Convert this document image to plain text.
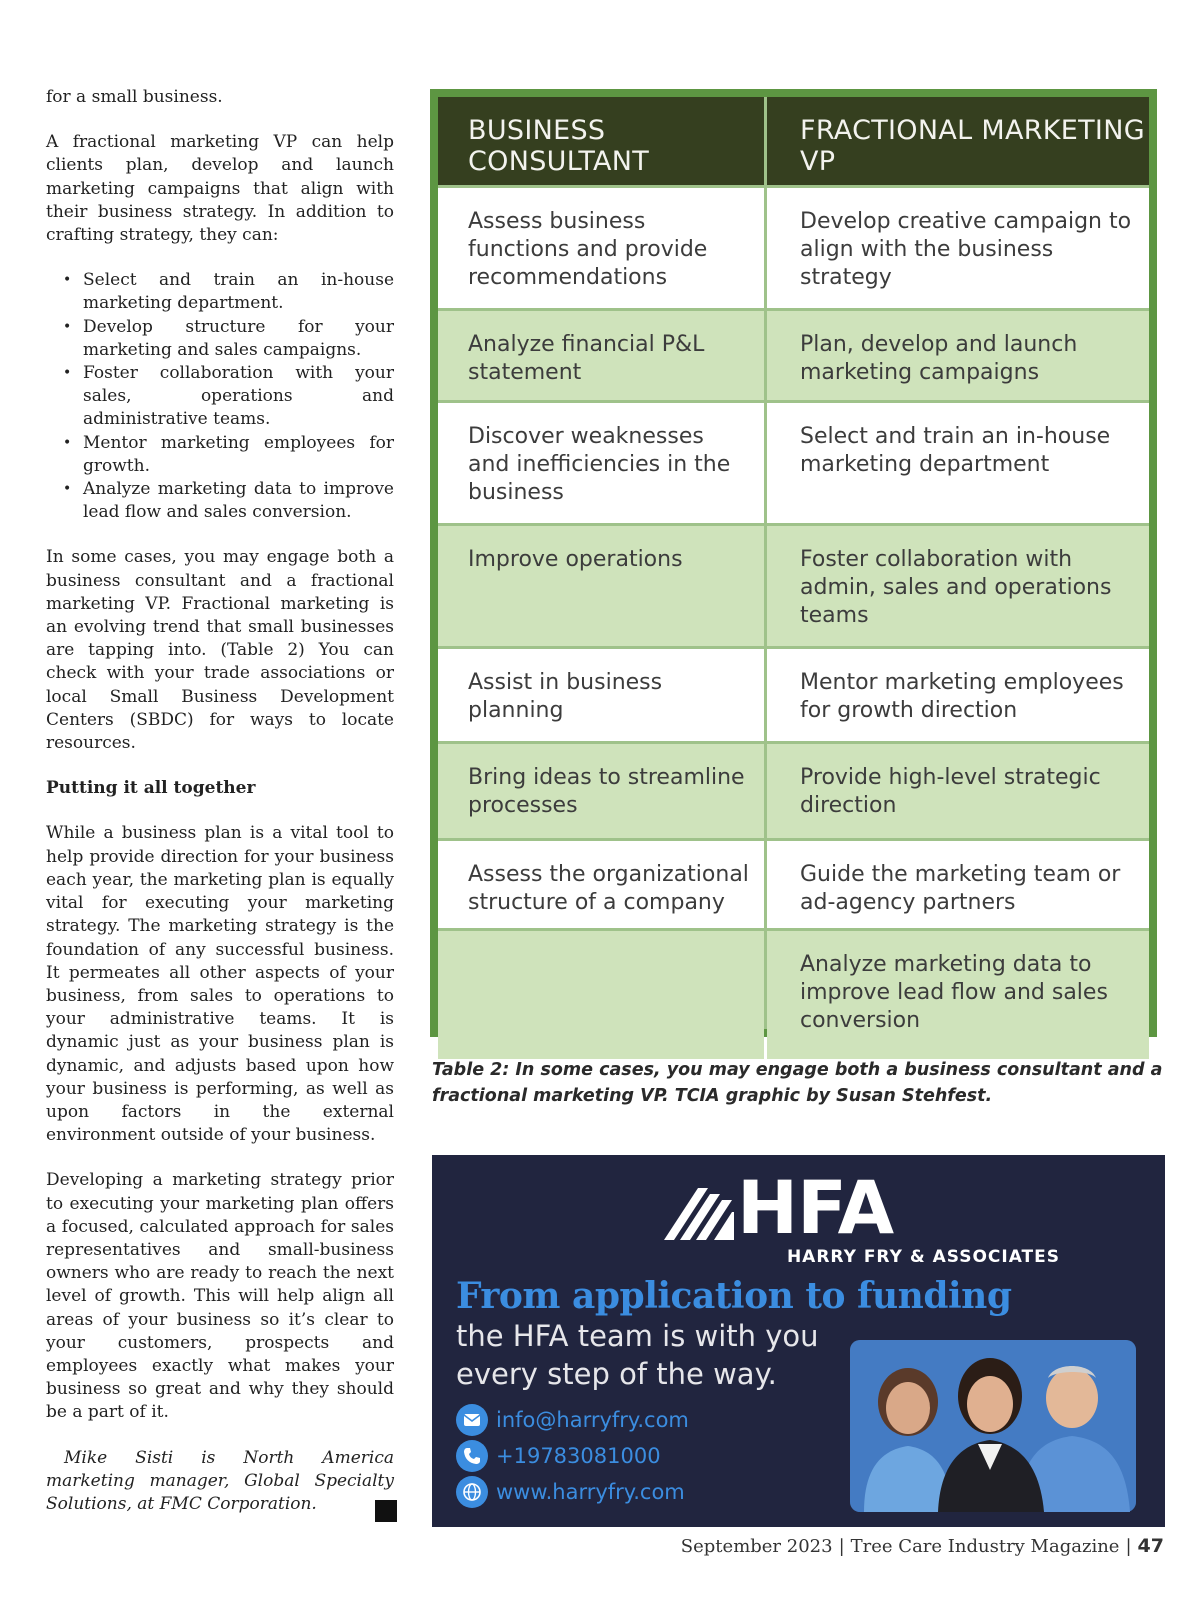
for a small business.

A fractional marketing VP can help clients plan, develop and launch marketing campaigns that align with their business strategy. In addition to crafting strategy, they can:

• Select and train an in-house marketing department.
• Develop structure for your marketing and sales campaigns.
• Foster collaboration with your sales, operations and administrative teams.
• Mentor marketing employees for growth.
• Analyze marketing data to improve lead flow and sales conversion.

In some cases, you may engage both a business consultant and a fractional marketing VP. Fractional marketing is an evolving trend that small businesses are tapping into. (Table 2) You can check with your trade associations or local Small Business Development Centers (SBDC) for ways to locate resources.

Putting it all together

While a business plan is a vital tool to help provide direction for your business each year, the marketing plan is equally vital for executing your marketing strategy. The marketing strategy is the foundation of any successful business. It permeates all other aspects of your business, from sales to operations to your administrative teams. It is dynamic just as your business plan is dynamic, and adjusts based upon how your business is performing, as well as upon factors in the external environment outside of your business.

Developing a marketing strategy prior to executing your marketing plan offers a focused, calculated approach for sales representatives and small-business owners who are ready to reach the next level of growth. This will help align all areas of your business so it’s clear to your customers, prospects and employees exactly what makes your business so great and why they should be a part of it.

Mike Sisti is North America marketing manager, Global Specialty Solutions, at FMC Corporation.

BUSINESS CONSULTANT
FRACTIONAL MARKETING VP
Assess business functions and provide recommendations
Develop creative campaign to align with the business strategy
Analyze financial P&L statement
Plan, develop and launch marketing campaigns
Discover weaknesses and inefficiencies in the business
Select and train an in-house marketing department
Improve operations	Foster collaboration with admin, sales and operations teams
Assist in business planning
Mentor marketing employees for growth direction
Bring ideas to streamline processes
Provide high-level strategic direction
Assess the organizational structure of a company
Guide the marketing team or ad-agency partners
Analyze marketing data to improve lead flow and sales conversion
Table 2: In some cases, you may engage both a business consultant and a fractional marketing VP. TCIA graphic by Susan Stehfest.
HFA
HARRY FRY & ASSOCIATES
From application to funding
the HFA team is with you every step of the way.
info@harryfry.com
+19783081000
www.harryfry.com
September 2023 | Tree Care Industry Magazine | 47
